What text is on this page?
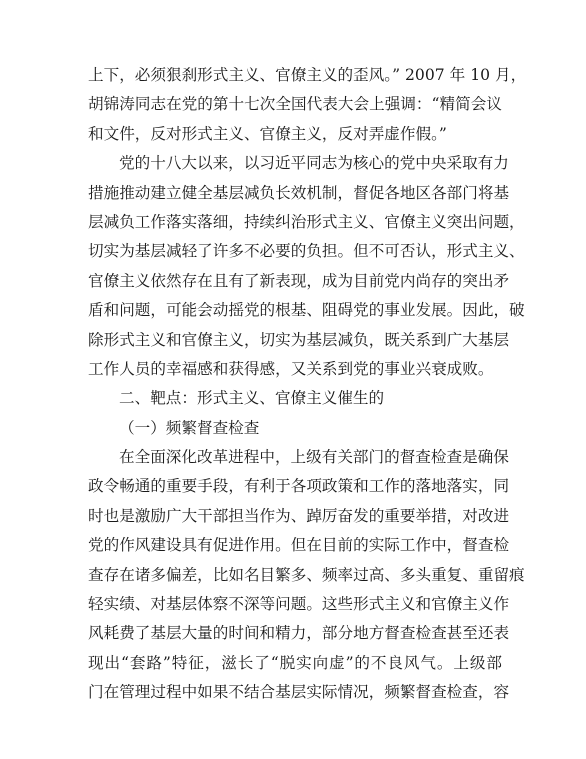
上下，必须狠刹形式主义、官僚主义的歪风。” 2007 年 10 月，
胡锦涛同志在党的第十七次全国代表大会上强调：“精简会议
和文件，反对形式主义、官僚主义，反对弄虚作假。”
党的十八大以来，以习近平同志为核心的党中央采取有力
措施推动建立健全基层减负长效机制，督促各地区各部门将基
层减负工作落实落细，持续纠治形式主义、官僚主义突出问题，
切实为基层减轻了许多不必要的负担。但不可否认，形式主义、
官僚主义依然存在且有了新表现，成为目前党内尚存的突出矛
盾和问题，可能会动摇党的根基、阻碍党的事业发展。因此，破
除形式主义和官僚主义，切实为基层减负，既关系到广大基层
工作人员的幸福感和获得感，又关系到党的事业兴衰成败。
二、靶点：形式主义、官僚主义催生的
（一）频繁督查检查
在全面深化改革进程中，上级有关部门的督查检查是确保
政令畅通的重要手段，有利于各项政策和工作的落地落实，同
时也是激励广大干部担当作为、踔厉奋发的重要举措，对改进
党的作风建设具有促进作用。但在目前的实际工作中，督查检
查存在诸多偏差，比如名目繁多、频率过高、多头重复、重留痕
轻实绩、对基层体察不深等问题。这些形式主义和官僚主义作
风耗费了基层大量的时间和精力，部分地方督查检查甚至还表
现出“套路”特征，滋长了“脱实向虚”的不良风气。上级部
门在管理过程中如果不结合基层实际情况，频繁督查检查，容
